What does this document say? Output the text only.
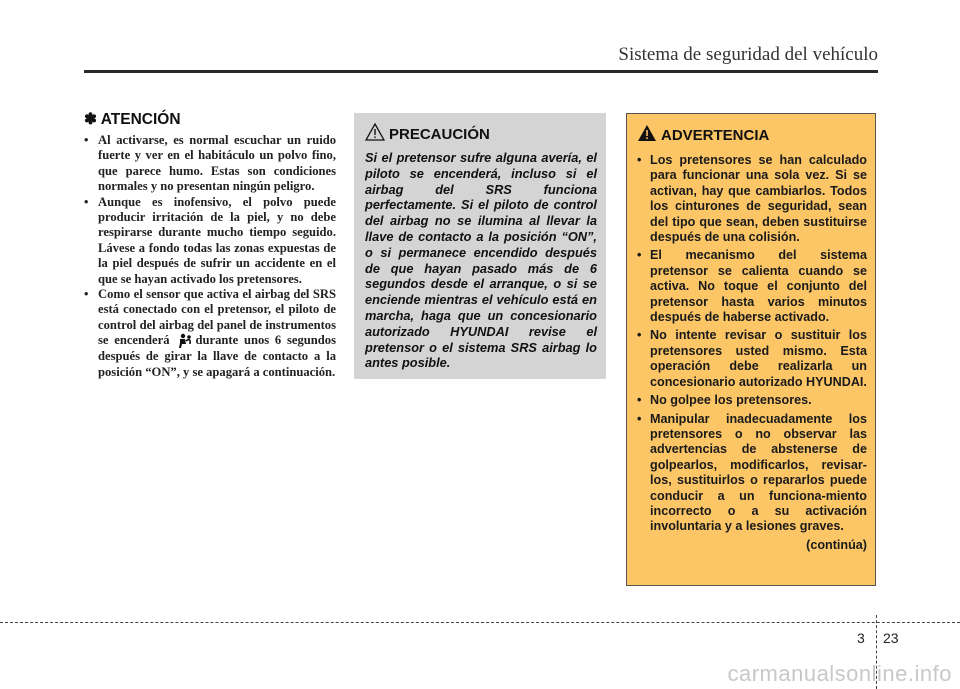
Sistema de seguridad del vehículo
✽ ATENCIÓN
• Al activarse, es normal escuchar un ruido fuerte y ver en el habitáculo un polvo fino, que parece humo. Estas son condiciones normales y no presentan ningún peligro.
• Aunque es inofensivo, el polvo puede producir irritación de la piel, y no debe respirarse durante mucho tiempo seguido. Lávese a fondo todas las zonas expuestas de la piel después de sufrir un accidente en el que se hayan activado los pretensores.
• Como el sensor que activa el airbag del SRS está conectado con el pretensor, el piloto de control del airbag del panel de instrumentos se encenderá durante unos 6 segundos después de girar la llave de contacto a la posición “ON”, y se apagará a continuación.
PRECAUCIÓN

Si el pretensor sufre alguna avería, el piloto se encenderá, incluso si el airbag del SRS funciona perfectamente. Si el piloto de control del airbag no se ilumina al llevar la llave de contacto a la posición “ON”, o si permanece encendido después de que hayan pasado más de 6 segundos desde el arranque, o si se enciende mientras el vehículo está en marcha, haga que un concesionario autorizado HYUNDAI revise el pretensor o el sistema SRS airbag lo antes posible.

ADVERTENCIA
• Los pretensores se han calculado para funcionar una sola vez. Si se activan, hay que cambiarlos. Todos los cinturones de seguridad, sean del tipo que sean, deben sustituirse después de una colisión.
• El mecanismo del sistema pretensor se calienta cuando se activa. No toque el conjunto del pretensor hasta varios minutos después de haberse activado.
• No intente revisar o sustituir los pretensores usted mismo. Esta operación debe realizarla un concesionario autorizado HYUNDAI.
• No golpee los pretensores.
• Manipular inadecuadamente los pretensores o no observar las advertencias de abstenerse de golpearlos, modificarlos, revisar-los, sustituirlos o repararlos puede conducir a un funciona-miento incorrecto o a su activación involuntaria y a lesiones graves.
(continúa)
3 23
carmanualsonline.info
